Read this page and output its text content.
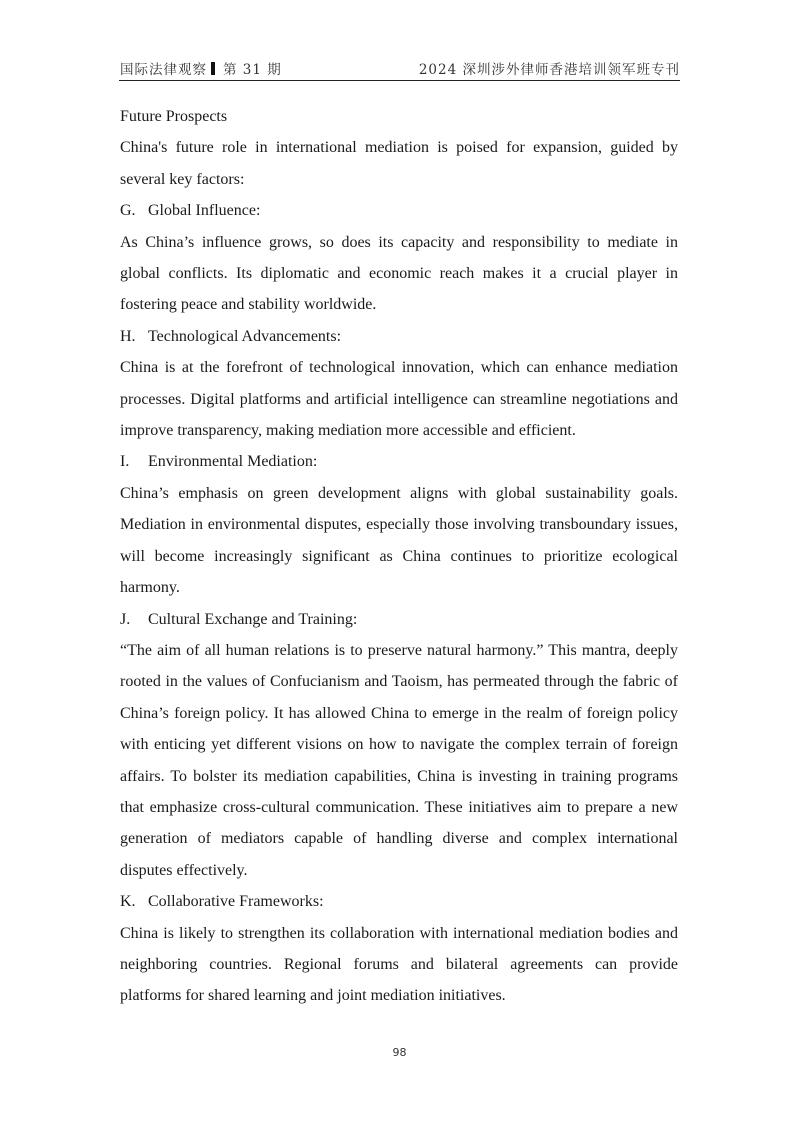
国际法律观察 第 31 期	2024 深圳涉外律师香港培训领军班专刊

Future Prospects

China's future role in international mediation is poised for expansion, guided by several key factors:

G. Global Influence:

As China’s influence grows, so does its capacity and responsibility to mediate in global conflicts. Its diplomatic and economic reach makes it a crucial player in fostering peace and stability worldwide.

H. Technological Advancements:

China is at the forefront of technological innovation, which can enhance mediation processes. Digital platforms and artificial intelligence can streamline negotiations and improve transparency, making mediation more accessible and efficient.

I.	Environmental Mediation:

China’s emphasis on green development aligns with global sustainability goals. Mediation in environmental disputes, especially those involving transboundary issues, will become increasingly significant as China continues to prioritize ecological harmony.

J.	Cultural Exchange and Training:

“The aim of all human relations is to preserve natural harmony.” This mantra, deeply rooted in the values of Confucianism and Taoism, has permeated through the fabric of China’s foreign policy. It has allowed China to emerge in the realm of foreign policy with enticing yet different visions on how to navigate the complex terrain of foreign affairs. To bolster its mediation capabilities, China is investing in training programs that emphasize cross-cultural communication. These initiatives aim to prepare a new generation of mediators capable of handling diverse and complex international disputes effectively.

K. Collaborative Frameworks:

China is likely to strengthen its collaboration with international mediation bodies and neighboring countries. Regional forums and bilateral agreements can provide platforms for shared learning and joint mediation initiatives.

98
